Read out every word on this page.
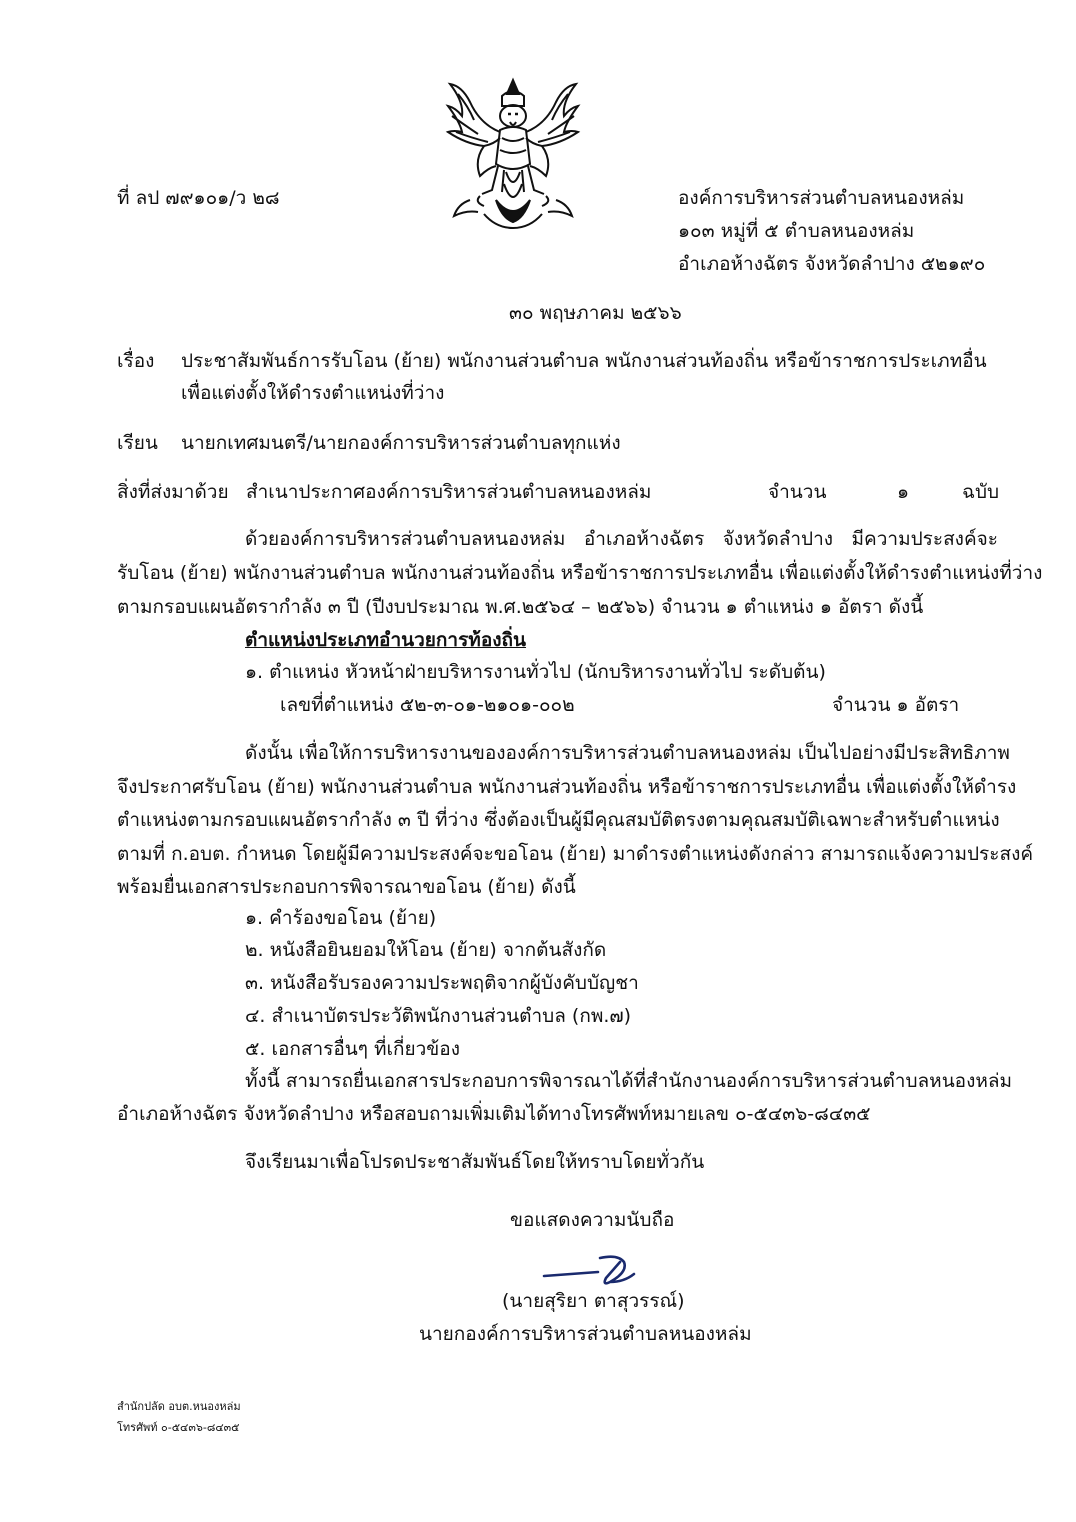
ที่ ลป ๗๙๑๐๑/ว ๒๘	องค์การบริหารส่วนตำบลหนองหล่ม
๑๐๓ หมู่ที่ ๕ ตำบลหนองหล่ม
อำเภอห้างฉัตร จังหวัดลำปาง ๕๒๑๙๐
๓๐ พฤษภาคม ๒๕๖๖
เรื่อง ประชาสัมพันธ์การรับโอน (ย้าย) พนักงานส่วนตำบล พนักงานส่วนท้องถิ่น หรือข้าราชการประเภทอื่น
เพื่อแต่งตั้งให้ดำรงตำแหน่งที่ว่าง
เรียน นายกเทศมนตรี/นายกองค์การบริหารส่วนตำบลทุกแห่ง
สิ่งที่ส่งมาด้วย สำเนาประกาศองค์การบริหารส่วนตำบลหนองหล่ม	จำนวน	๑	ฉบับ
ด้วยองค์การบริหารส่วนตำบลหนองหล่ม อำเภอห้างฉัตร จังหวัดลำปาง มีความประสงค์จะ
รับโอน (ย้าย) พนักงานส่วนตำบล พนักงานส่วนท้องถิ่น หรือข้าราชการประเภทอื่น เพื่อแต่งตั้งให้ดำรงตำแหน่งที่ว่าง
ตามกรอบแผนอัตรากำลัง ๓ ปี (ปีงบประมาณ พ.ศ.๒๕๖๔ – ๒๕๖๖) จำนวน ๑ ตำแหน่ง ๑ อัตรา ดังนี้
ตำแหน่งประเภทอำนวยการท้องถิ่น
๑. ตำแหน่ง หัวหน้าฝ่ายบริหารงานทั่วไป (นักบริหารงานทั่วไป ระดับต้น)
เลขที่ตำแหน่ง ๕๒-๓-๐๑-๒๑๐๑-๐๐๒	จำนวน ๑ อัตรา
ดังนั้น เพื่อให้การบริหารงานขององค์การบริหารส่วนตำบลหนองหล่ม เป็นไปอย่างมีประสิทธิภาพ
จึงประกาศรับโอน (ย้าย) พนักงานส่วนตำบล พนักงานส่วนท้องถิ่น หรือข้าราชการประเภทอื่น เพื่อแต่งตั้งให้ดำรง
ตำแหน่งตามกรอบแผนอัตรากำลัง ๓ ปี ที่ว่าง ซึ่งต้องเป็นผู้มีคุณสมบัติตรงตามคุณสมบัติเฉพาะสำหรับตำแหน่ง
ตามที่ ก.อบต. กำหนด โดยผู้มีความประสงค์จะขอโอน (ย้าย) มาดำรงตำแหน่งดังกล่าว สามารถแจ้งความประสงค์
พร้อมยื่นเอกสารประกอบการพิจารณาขอโอน (ย้าย) ดังนี้
๑. คำร้องขอโอน (ย้าย)
๒. หนังสือยินยอมให้โอน (ย้าย) จากต้นสังกัด
๓. หนังสือรับรองความประพฤติจากผู้บังคับบัญชา
๔. สำเนาบัตรประวัติพนักงานส่วนตำบล (กพ.๗)
๕. เอกสารอื่นๆ ที่เกี่ยวข้อง
ทั้งนี้ สามารถยื่นเอกสารประกอบการพิจารณาได้ที่สำนักงานองค์การบริหารส่วนตำบลหนองหล่ม
อำเภอห้างฉัตร จังหวัดลำปาง หรือสอบถามเพิ่มเติมได้ทางโทรศัพท์หมายเลข ๐-๕๔๓๖-๘๔๓๕
จึงเรียนมาเพื่อโปรดประชาสัมพันธ์โดยให้ทราบโดยทั่วกัน
ขอแสดงความนับถือ
(นายสุริยา ตาสุวรรณ์)
นายกองค์การบริหารส่วนตำบลหนองหล่ม
สำนักปลัด อบต.หนองหล่ม
โทรศัพท์ ๐-๕๔๓๖-๘๔๓๕
